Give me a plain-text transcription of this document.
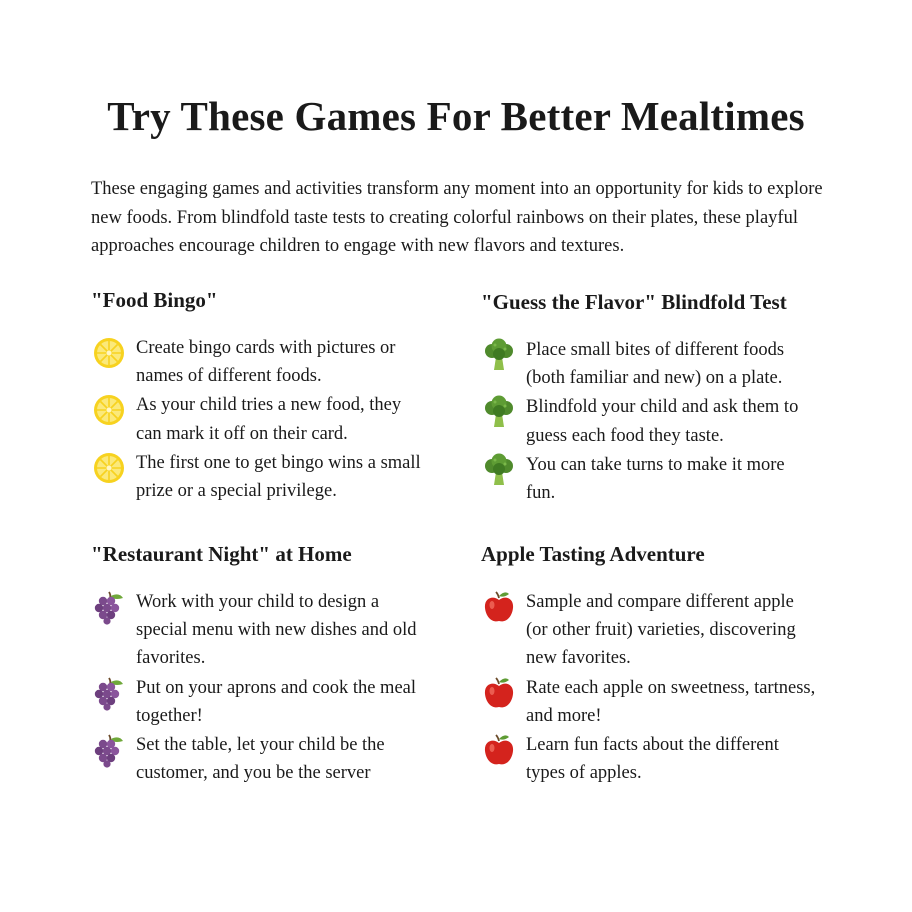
Try These Games For Better Mealtimes

These engaging games and activities transform any moment into an opportunity for kids to explore new foods. From blindfold taste tests to creating colorful rainbows on their plates, these playful approaches encourage children to engage with new flavors and textures.

"Food Bingo"
Create bingo cards with pictures or names of different foods.
As your child tries a new food, they can mark it off on their card.
The first one to get bingo wins a small prize or a special privilege.
"Guess the Flavor" Blindfold Test
Place small bites of different foods (both familiar and new) on a plate.
Blindfold your child and ask them to guess each food they taste.
You can take turns to make it more fun.
"Restaurant Night" at Home
Work with your child to design a special menu with new dishes and old favorites.
Put on your aprons and cook the meal together!
Set the table, let your child be the customer, and you be the server
Apple Tasting Adventure
Sample and compare different apple (or other fruit) varieties, discovering new favorites.
Rate each apple on sweetness, tartness, and more!
Learn fun facts about the different types of apples.
